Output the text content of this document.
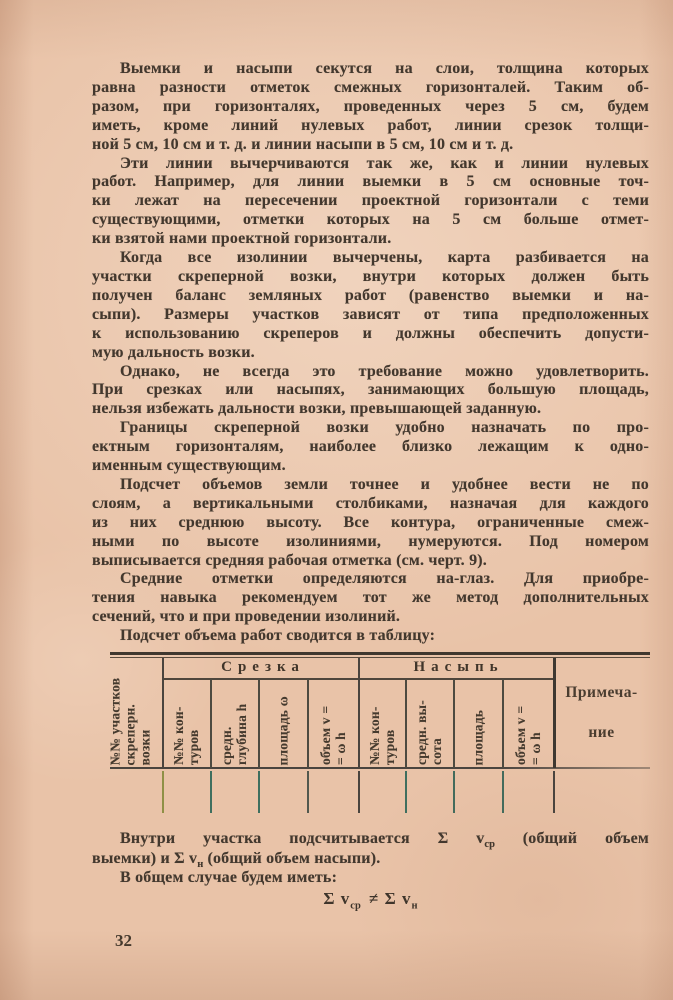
Выемки и насыпи секутся на слои, толщина которых
равна разности отметок смежных горизонталей. Таким об-
разом, при горизонталях, проведенных через 5 см, будем
иметь, кроме линий нулевых работ, линии срезок толщи-
ной 5 см, 10 см и т. д. и линии насыпи в 5 см, 10 см и т. д.
Эти линии вычерчиваются так же, как и линии нулевых
работ. Например, для линии выемки в 5 см основные точ-
ки лежат на пересечении проектной горизонтали с теми
существующими, отметки которых на 5 см больше отмет-
ки взятой нами проектной горизонтали.
Когда все изолинии вычерчены, карта разбивается на
участки скреперной возки, внутри которых должен быть
получен баланс земляных работ (равенство выемки и на-
сыпи). Размеры участков зависят от типа предположенных
к использованию скреперов и должны обеспечить допусти-
мую дальность возки.
Однако, не всегда это требование можно удовлетворить.
При срезках или насыпях, занимающих большую площадь,
нельзя избежать дальности возки, превышающей заданную.
Границы скреперной возки удобно назначать по про-
ектным горизонталям, наиболее близко лежащим к одно-
именным существующим.
Подсчет объемов земли точнее и удобнее вести не по
слоям, а вертикальными столбиками, назначая для каждого
из них среднюю высоту. Все контура, ограниченные смеж-
ными по высоте изолиниями, нумеруются. Под номером
выписывается средняя рабочая отметка (см. черт. 9).
Средние отметки определяются на-глаз. Для приобре-
тения навыка рекомендуем тот же метод дополнительных
сечений, что и при проведении изолиний.
Подсчет объема работ сводится в таблицу:
№№ участков скреперн. возки
Срезка	Насыпь
№№ кон- туров средн. глубина h площадь ω объем v = = ω h №№ кон- туров средн. вы- сота площадь объем v = = ω h
Примеча-
ние
Внутри участка подсчитывается Σ $v_{ср}$ (общий объем
выемки) и Σ $v_н$ (общий объем насыпи).
В общем случае будем иметь:
Σ $v_{ср} \ne \Sigma$ $v_н$
32
